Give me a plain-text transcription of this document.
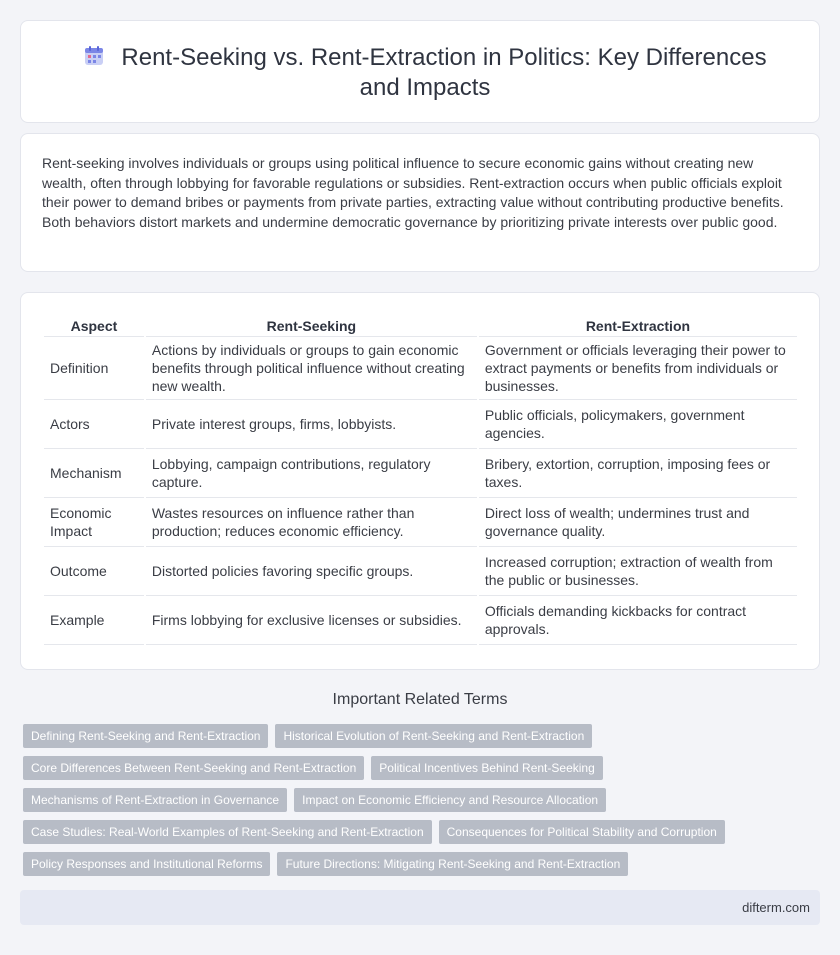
Rent-Seeking vs. Rent-Extraction in Politics: Key Differences and Impacts

Rent-seeking involves individuals or groups using political influence to secure economic gains without creating new wealth, often through lobbying for favorable regulations or subsidies. Rent-extraction occurs when public officials exploit their power to demand bribes or payments from private parties, extracting value without contributing productive benefits. Both behaviors distort markets and undermine democratic governance by prioritizing private interests over public good.

Aspect	Rent-Seeking	Rent-Extraction
Definition	Actions by individuals or groups to gain economic benefits through political influence without creating new wealth.	Government or officials leveraging their power to extract payments or benefits from individuals or businesses.
Actors	Private interest groups, firms, lobbyists.	Public officials, policymakers, government agencies.
Mechanism	Lobbying, campaign contributions, regulatory capture.	Bribery, extortion, corruption, imposing fees or taxes.
Economic Impact	Wastes resources on influence rather than production; reduces economic efficiency.	Direct loss of wealth; undermines trust and governance quality.
Outcome	Distorted policies favoring specific groups.	Increased corruption; extraction of wealth from the public or businesses.
Example	Firms lobbying for exclusive licenses or subsidies.	Officials demanding kickbacks for contract approvals.
Important Related Terms
Defining Rent-Seeking and Rent-Extraction	Historical Evolution of Rent-Seeking and Rent-Extraction
Core Differences Between Rent-Seeking and Rent-Extraction	Political Incentives Behind Rent-Seeking
Mechanisms of Rent-Extraction in Governance	Impact on Economic Efficiency and Resource Allocation
Case Studies: Real-World Examples of Rent-Seeking and Rent-Extraction	Consequences for Political Stability and Corruption
Policy Responses and Institutional Reforms	Future Directions: Mitigating Rent-Seeking and Rent-Extraction
difterm.com
